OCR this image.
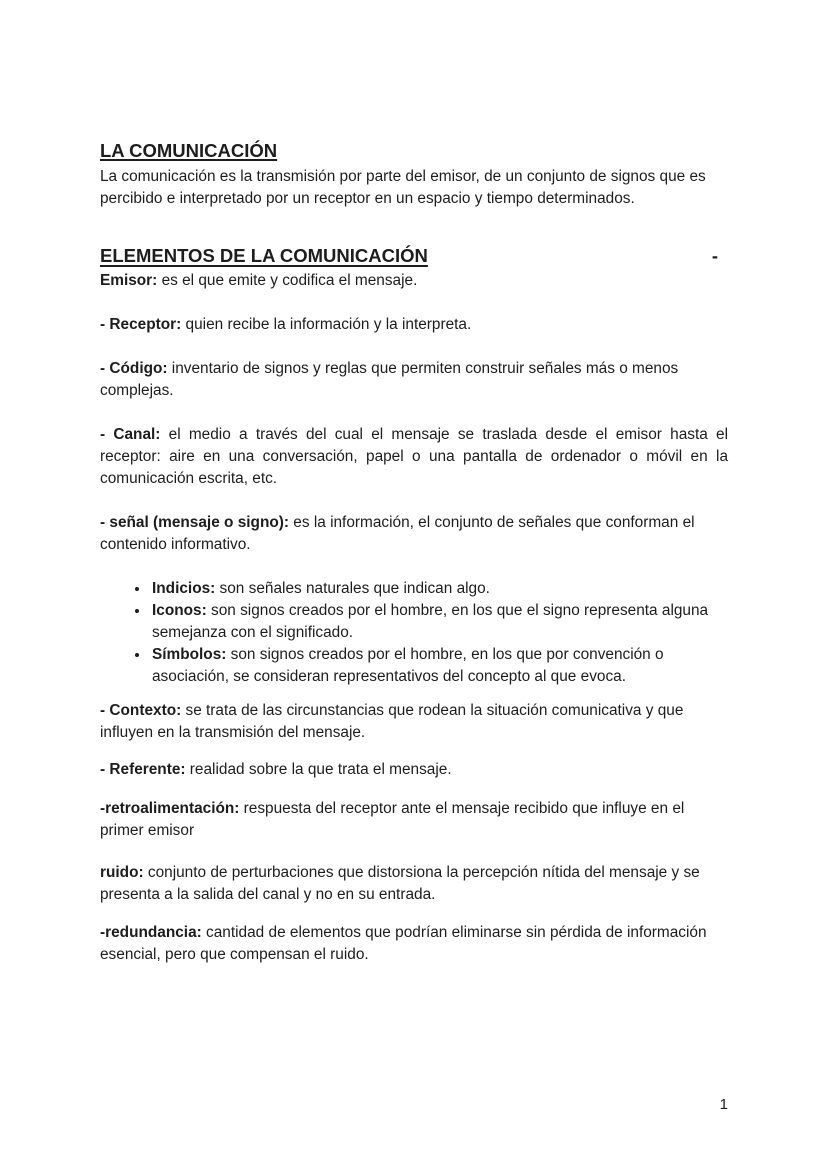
LA COMUNICACIÓN

La comunicación es la transmisión por parte del emisor, de un conjunto de signos que es percibido e interpretado por un receptor en un espacio y tiempo determinados.

ELEMENTOS DE LA COMUNICACIÓN	-

Emisor: es el que emite y codifica el mensaje.

- Receptor: quien recibe la información y la interpreta.

- Código: inventario de signos y reglas que permiten construir señales más o menos complejas.

- Canal: el medio a través del cual el mensaje se traslada desde el emisor hasta el receptor: aire en una conversación, papel o una pantalla de ordenador o móvil en la comunicación escrita, etc.

- señal (mensaje o signo): es la información, el conjunto de señales que conforman el contenido informativo.

• Indicios: son señales naturales que indican algo.
• Iconos: son signos creados por el hombre, en los que el signo representa alguna semejanza con el significado.
• Símbolos: son signos creados por el hombre, en los que por convención o asociación, se consideran representativos del concepto al que evoca.

- Contexto: se trata de las circunstancias que rodean la situación comunicativa y que influyen en la transmisión del mensaje.

- Referente: realidad sobre la que trata el mensaje.

-retroalimentación: respuesta del receptor ante el mensaje recibido que influye en el primer emisor

ruido: conjunto de perturbaciones que distorsiona la percepción nítida del mensaje y se presenta a la salida del canal y no en su entrada.

-redundancia: cantidad de elementos que podrían eliminarse sin pérdida de información esencial, pero que compensan el ruido.

1
